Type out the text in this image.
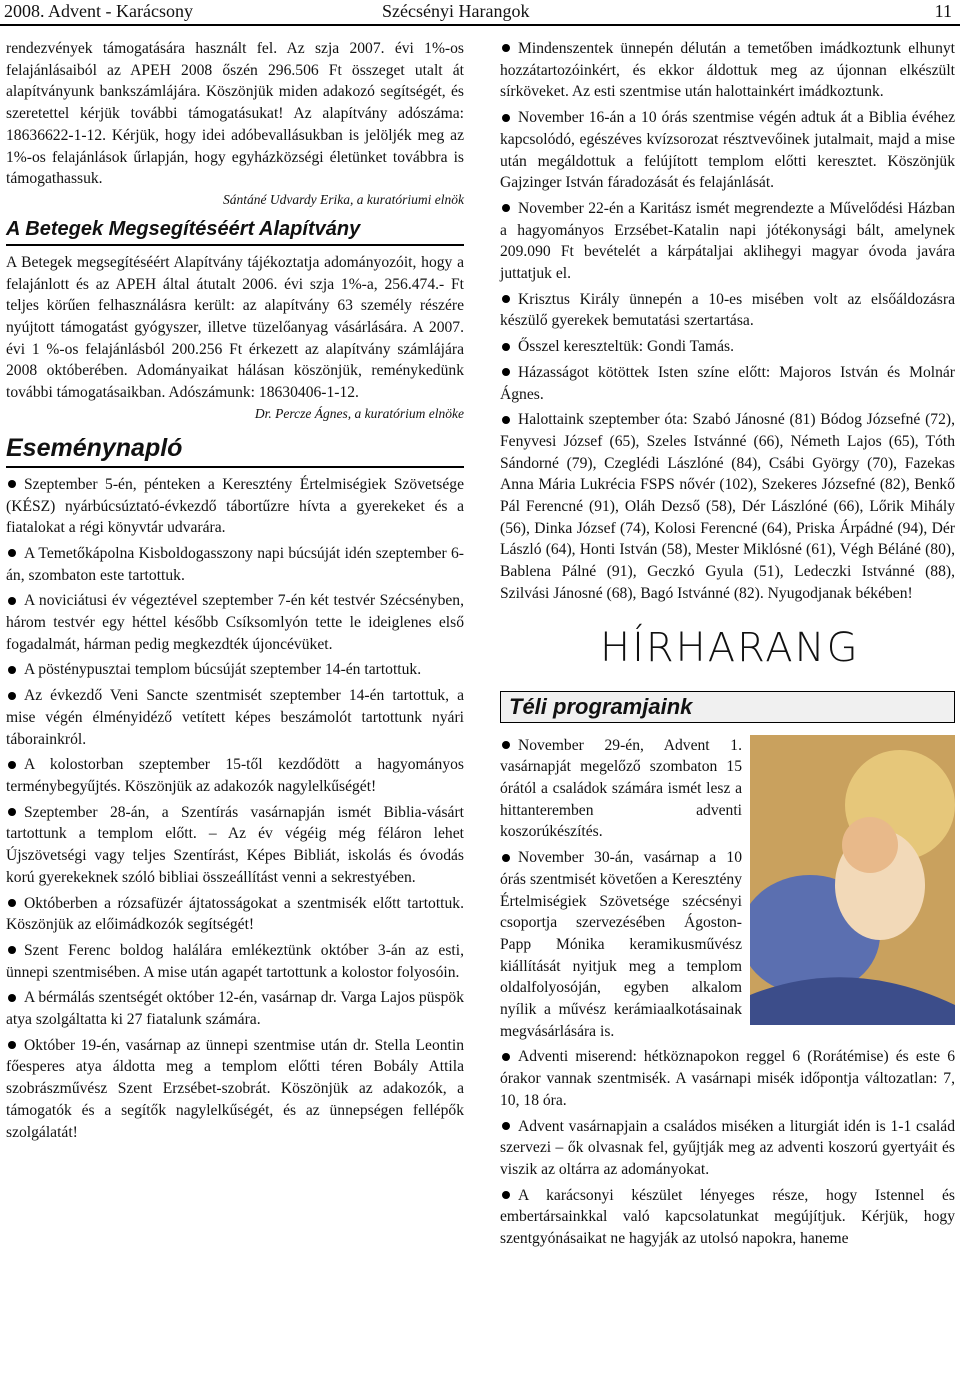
2008. Advent - Karácsony	Szécsényi Harangok	11

rendezvények támogatására használt fel. Az szja 2007. évi 1%-os felajánlásaiból az APEH 2008 őszén 296.506 Ft összeget utalt át alapítványunk bankszámlájára. Köszönjük miden adakozó segítségét, és szeretettel kérjük további támogatásukat! Az alapítvány adószáma: 18636622-1-12. Kérjük, hogy idei adóbevallásukban is jelöljék meg az 1%-os felajánlások űrlapján, hogy egyházközségi életünket továbbra is támogathassuk.

Sántáné Udvardy Erika, a kuratóriumi elnök

A Betegek Megsegítéséért Alapítvány

A Betegek megsegítéséért Alapítvány tájékoztatja adományozóit, hogy a felajánlott és az APEH által átutalt 2006. évi szja 1%-a, 256.474.- Ft teljes körűen felhasználásra került: az alapítvány 63 személy részére nyújtott támogatást gyógyszer, illetve tüzelőanyag vásárlására. A 2007. évi 1 %-os felajánlásból 200.256 Ft érkezett az alapítvány számlájára 2008 októberében. Adományaikat hálásan köszönjük, reménykedünk további támogatásaikban. Adószámunk: 18630406-1-12.

Dr. Percze Ágnes, a kuratórium elnöke

Eseménynapló

Szeptember 5-én, pénteken a Keresztény Értelmiségiek Szövetsége (KÉSZ) nyárbúcsúztató-évkezdő tábortűzre hívta a gyerekeket és a fiatalokat a régi könyvtár udvarára.

A Temetőkápolna Kisboldogasszony napi búcsúját idén szeptember 6-án, szombaton este tartottuk.

A noviciátusi év végeztével szeptember 7-én két testvér Szécsényben, három testvér egy héttel később Csíksomlyón tette le ideiglenes első fogadalmát, hárman pedig megkezdték újoncévüket.

A pösténypusztai templom búcsúját szeptember 14-én tartottuk.

Az évkezdő Veni Sancte szentmisét szeptember 14-én tartottuk, a mise végén élményidéző vetített képes beszámolót tartottunk nyári táborainkról.

A kolostorban szeptember 15-től kezdődött a hagyományos terménybegyűjtés. Köszönjük az adakozók nagylelkűségét!

Szeptember 28-án, a Szentírás vasárnapján ismét Biblia-vásárt tartottunk a templom előtt. – Az év végéig még féláron lehet Újszövetségi vagy teljes Szentírást, Képes Bibliát, iskolás és óvodás korú gyerekeknek szóló bibliai összeállítást venni a sekrestyében.

Októberben a rózsafüzér ájtatosságokat a szentmisék előtt tartottuk. Köszönjük az előimádkozók segítségét!

Szent Ferenc boldog halálára emlékeztünk október 3-án az esti, ünnepi szentmisében. A mise után agapét tartottunk a kolostor folyosóin.

A bérmálás szentségét október 12-én, vasárnap dr. Varga Lajos püspök atya szolgáltatta ki 27 fiatalunk számára.

Október 19-én, vasárnap az ünnepi szentmise után dr. Stella Leontin főesperes atya áldotta meg a templom előtti téren Bobály Attila szobrászművész Szent Erzsébet-szobrát. Köszönjük az adakozók, a támogatók és a segítők nagylelkűségét, és az ünnepségen fellépők szolgálatát!

Mindenszentek ünnepén délután a temetőben imádkoztunk elhunyt hozzátartozóinkért, és ekkor áldottuk meg az újonnan elkészült sírköveket. Az esti szentmise után halottainkért imádkoztunk.

November 16-án a 10 órás szentmise végén adtuk át a Biblia évéhez kapcsolódó, egészéves kvízsorozat résztvevőinek jutalmait, majd a mise után megáldottuk a felújított templom előtti keresztet. Köszönjük Gajzinger István fáradozását és felajánlását.

November 22-én a Karitász ismét megrendezte a Művelődési Házban a hagyományos Erzsébet-Katalin napi jótékonysági bált, amelynek 209.090 Ft bevételét a kárpátaljai aklihegyi magyar óvoda javára juttatjuk el.

Krisztus Király ünnepén a 10-es misében volt az elsőáldozásra készülő gyerekek bemutatási szertartása.

Ősszel kereszteltük: Gondi Tamás.

Házasságot kötöttek Isten színe előtt: Majoros István és Molnár Ágnes.

Halottaink szeptember óta: Szabó Jánosné (81) Bódog Józsefné (72), Fenyvesi József (65), Szeles Istvánné (66), Németh Lajos (65), Tóth Sándorné (79), Czeglédi Lászlóné (84), Csábi György (70), Fazekas Anna Mária Lukrécia FSPS nővér (102), Szekeres Józsefné (82), Benkő Pál Ferencné (91), Oláh Dezső (58), Dér Lászlóné (66), Lőrik Mihály (56), Dinka József (74), Kolosi Ferencné (64), Priska Árpádné (94), Dér László (64), Honti István (58), Mester Miklósné (61), Végh Béláné (80), Bablena Pálné (91), Geczkó Gyula (51), Ledeczki Istvánné (88), Szilvási Jánosné (68), Bagó Istvánné (82). Nyugodjanak békében!

HÍRHARANG
Téli programjaink

November 29-én, Advent 1. vasárnapját megelőző szombaton 15 órától a családok számára ismét lesz a hittanteremben adventi koszorúkészítés.

November 30-án, vasárnap a 10 órás szentmisét követően a Keresztény Értelmiségiek Szövetsége szécsényi csoportja szervezésében Ágoston-Papp Mónika keramikusművész kiállítását nyitjuk meg a templom oldalfolyosóján, egyben alkalom nyílik a művész kerámiaalkotásainak megvásárlására is.

Adventi miserend: hétköznapokon reggel 6 (Rorátémise) és este 6 órakor vannak szentmisék. A vasárnapi misék időpontja változatlan: 7, 10, 18 óra.

Advent vasárnapjain a családos miséken a liturgiát idén is 1-1 család szervezi – ők olvasnak fel, gyűjtják meg az adventi koszorú gyertyáit és viszik az oltárra az adományokat.

A karácsonyi készület lényeges része, hogy Istennel és embertársainkkal való kapcsolatunkat megújítjuk. Kérjük, hogy szentgyónásaikat ne hagyják az utolsó napokra, haneme
